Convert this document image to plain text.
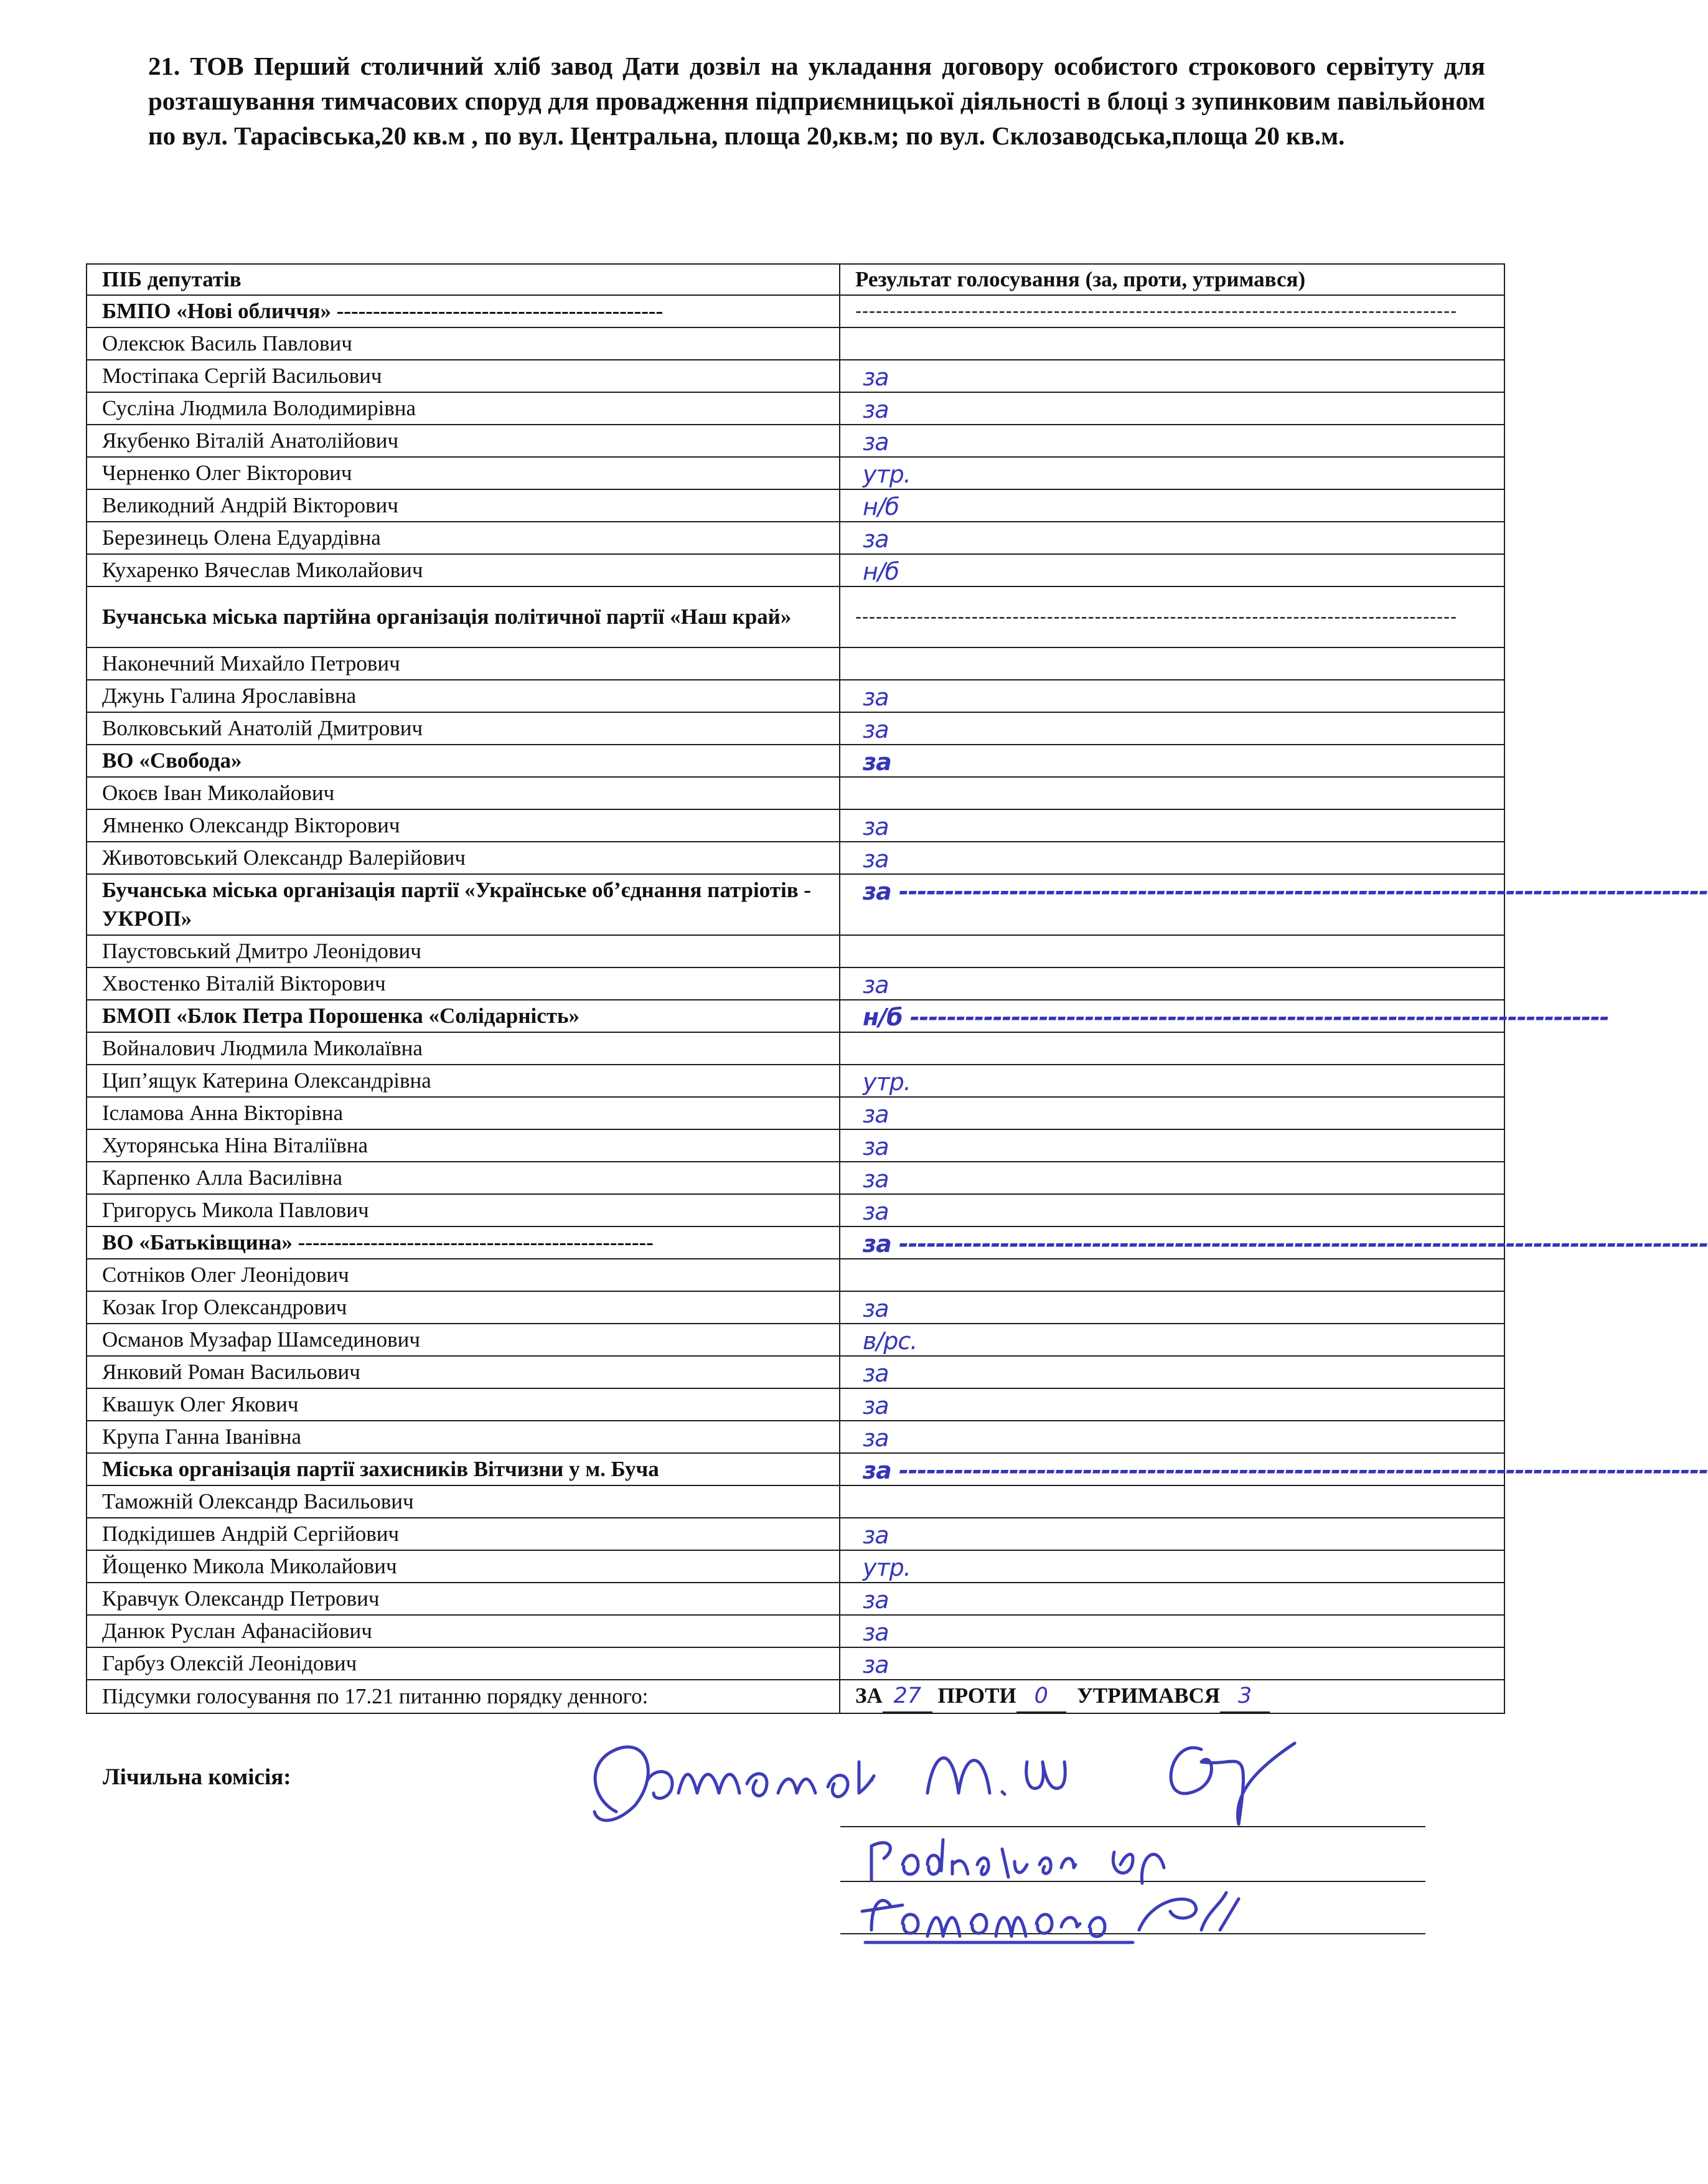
21. ТОВ Перший столичний хліб завод Дати дозвіл на укладання договору особистого строкового сервітуту для розташування тимчасових споруд для провадження підприємницької діяльності в блоці з зупинковим павільйоном по вул. Тарасівська,20 кв.м , по вул. Центральна, площа 20,кв.м; по вул. Склозаводська,площа 20 кв.м.
ПІБ депутатів	Результат голосування (за, проти, утримався)
БМПО «Нові обличчя» ---------------------------------------------	----------------------------------------------------------------------------------------

Олексюк Василь Павлович	

Мостіпака Сергій Васильович	за

Сусліна Людмила Володимирівна	за

Якубенко Віталій Анатолійович	за

Черненко Олег Вікторович	утр.

Великодний Андрій Вікторович	н/б

Березинець Олена Едуардівна	за

Кухаренко Вячеслав Миколайович	н/б

Бучанська міська партійна організація політичної партії «Наш край»	----------------------------------------------------------------------------------------

Наконечний Михайло Петрович	

Джунь Галина Ярославівна	за

Волковський Анатолій Дмитрович	за

ВО «Свобода»	за

Окоєв Іван Миколайович	

Ямненко Олександр Вікторович	за

Животовський Олександр Валерійович	за

Бучанська міська організація партії «Українське об’єднання патріотів - УКРОП»	за ----------------------------------------------------------------------------------------

Паустовський Дмитро Леонідович	

Хвостенко Віталій Вікторович	за

БМОП «Блок Петра Порошенка «Солідарність»	н/б ----------------------------------------------------------------------------

Войналович Людмила Миколаївна	

Цип’ящук Катерина Олександрівна	утр.

Ісламова Анна Вікторівна	за

Хуторянська Ніна Віталіївна	за

Карпенко Алла Василівна	за

Григорусь Микола Павлович	за

ВО «Батьківщина» -------------------------------------------------	за ----------------------------------------------------------------------------------------

Сотніков Олег Леонідович	

Козак Ігор Олександрович	за

Османов Музафар Шамсединович	в/рс.

Янковий Роман Васильович	за

Квашук Олег Якович	за

Крупа Ганна Іванівна	за

Міська організація партії захисників Вітчизни у м. Буча	за ----------------------------------------------------------------------------------------

Таможній Олександр Васильович	

Подкідишев Андрій Сергійович	за

Йощенко Микола Миколайович	утр.

Кравчук Олександр Петрович	за

Данюк Руслан Афанасійович	за

Гарбуз Олексій Леонідович	за

Підсумки голосування по 17.21 питанню порядку денного:	ЗА 27 ПРОТИ 0 УТРИМАВСЯ 3
Лічильна комісія:
